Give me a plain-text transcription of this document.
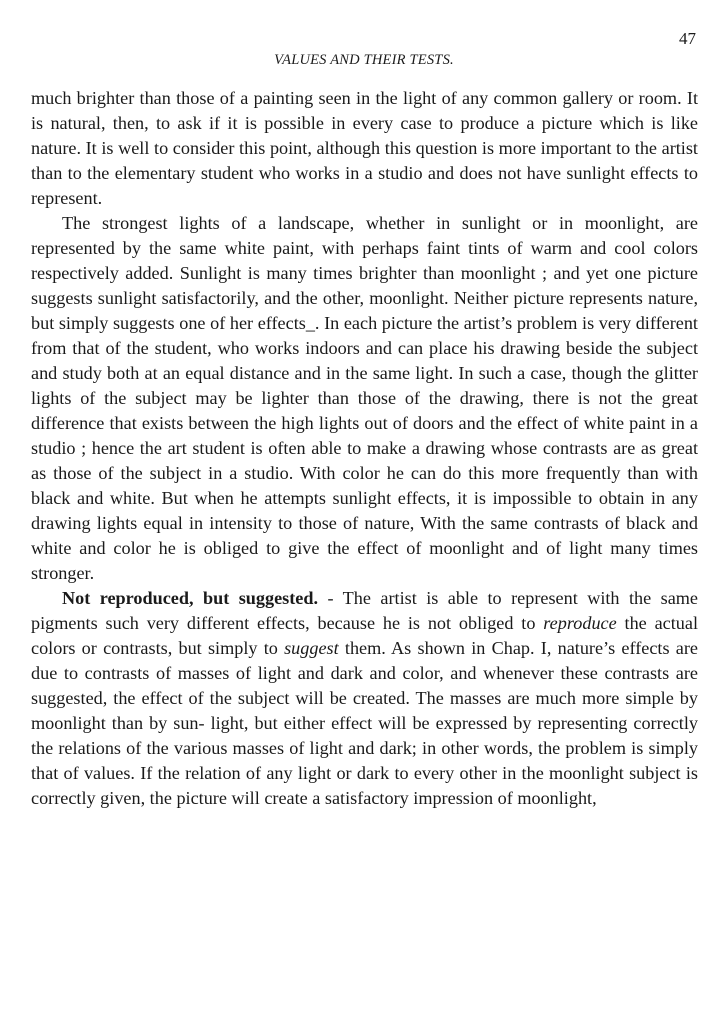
47
VALUES AND THEIR TESTS.

much brighter than those of a painting seen in the light of any common gallery or room. It is natural, then, to ask if it is possible in every case to produce a picture which is like nature. It is well to consider this point, although this question is more important to the artist than to the elementary student who works in a studio and does not have sunlight effects to represent.

The strongest lights of a landscape, whether in sunlight or in moonlight, are represented by the same white paint, with perhaps faint tints of warm and cool colors respectively added. Sunlight is many times brighter than moonlight ; and yet one picture suggests sunlight satisfactorily, and the other, moonlight. Neither picture represents nature, but simply suggests one of her effects_. In each picture the artist’s problem is very different from that of the student, who works indoors and can place his drawing beside the subject and study both at an equal distance and in the same light. In such a case, though the glitter lights of the subject may be lighter than those of the drawing, there is not the great difference that exists between the high lights out of doors and the effect of white paint in a studio ; hence the art student is often able to make a drawing whose contrasts are as great as those of the subject in a studio. With color he can do this more frequently than with black and white. But when he attempts sunlight effects, it is impossible to obtain in any drawing lights equal in intensity to those of nature, With the same contrasts of black and white and color he is obliged to give the effect of moonlight and of light many times stronger.

Not reproduced, but suggested. - The artist is able to represent with the same pigments such very different effects, because he is not obliged to reproduce the actual colors or contrasts, but simply to suggest them. As shown in Chap. I, nature’s effects are due to contrasts of masses of light and dark and color, and whenever these contrasts are suggested, the effect of the subject will be created. The masses are much more simple by moonlight than by sun- light, but either effect will be expressed by representing correctly the relations of the various masses of light and dark; in other words, the problem is simply that of values. If the relation of any light or dark to every other in the moonlight subject is correctly given, the picture will create a satisfactory impression of moonlight,
